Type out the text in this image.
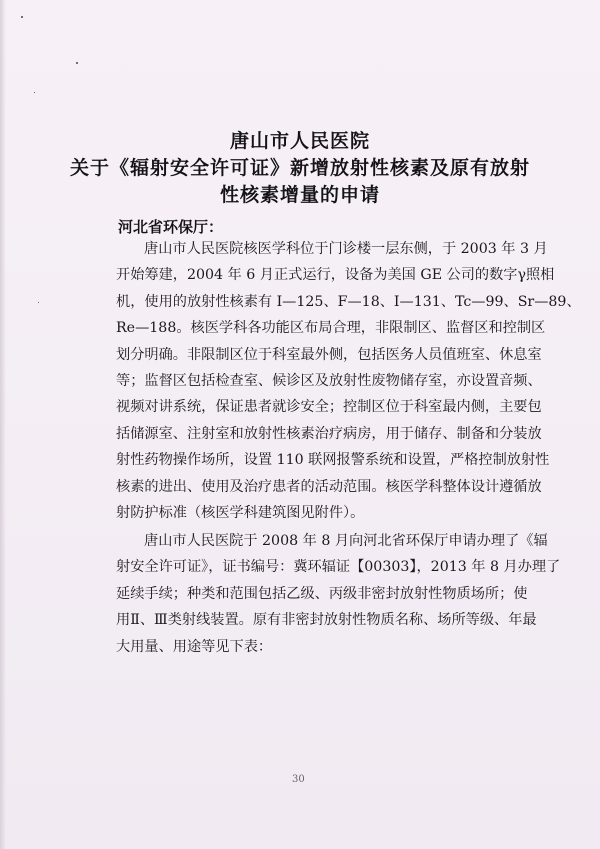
唐山市人民医院
关于《辐射安全许可证》新增放射性核素及原有放射
性核素增量的申请
河北省环保厅：
唐山市人民医院核医学科位于门诊楼一层东侧，于 2003 年 3 月
开始筹建，2004 年 6 月正式运行，设备为美国 GE 公司的数字γ照相
机，使用的放射性核素有 I—125、F—18、I—131、Tc—99、Sr—89、
Re—188。核医学科各功能区布局合理，非限制区、监督区和控制区
划分明确。非限制区位于科室最外侧，包括医务人员值班室、休息室
等；监督区包括检查室、候诊区及放射性废物储存室，亦设置音频、
视频对讲系统，保证患者就诊安全；控制区位于科室最内侧，主要包
括储源室、注射室和放射性核素治疗病房，用于储存、制备和分装放
射性药物操作场所，设置 110 联网报警系统和设置，严格控制放射性
核素的进出、使用及治疗患者的活动范围。核医学科整体设计遵循放
射防护标准（核医学科建筑图见附件）。
唐山市人民医院于 2008 年 8 月向河北省环保厅申请办理了《辐
射安全许可证》，证书编号：冀环辐证【00303】，2013 年 8 月办理了
延续手续；种类和范围包括乙级、丙级非密封放射性物质场所；使
用Ⅱ、Ⅲ类射线装置。原有非密封放射性物质名称、场所等级、年最
大用量、用途等见下表：
30
